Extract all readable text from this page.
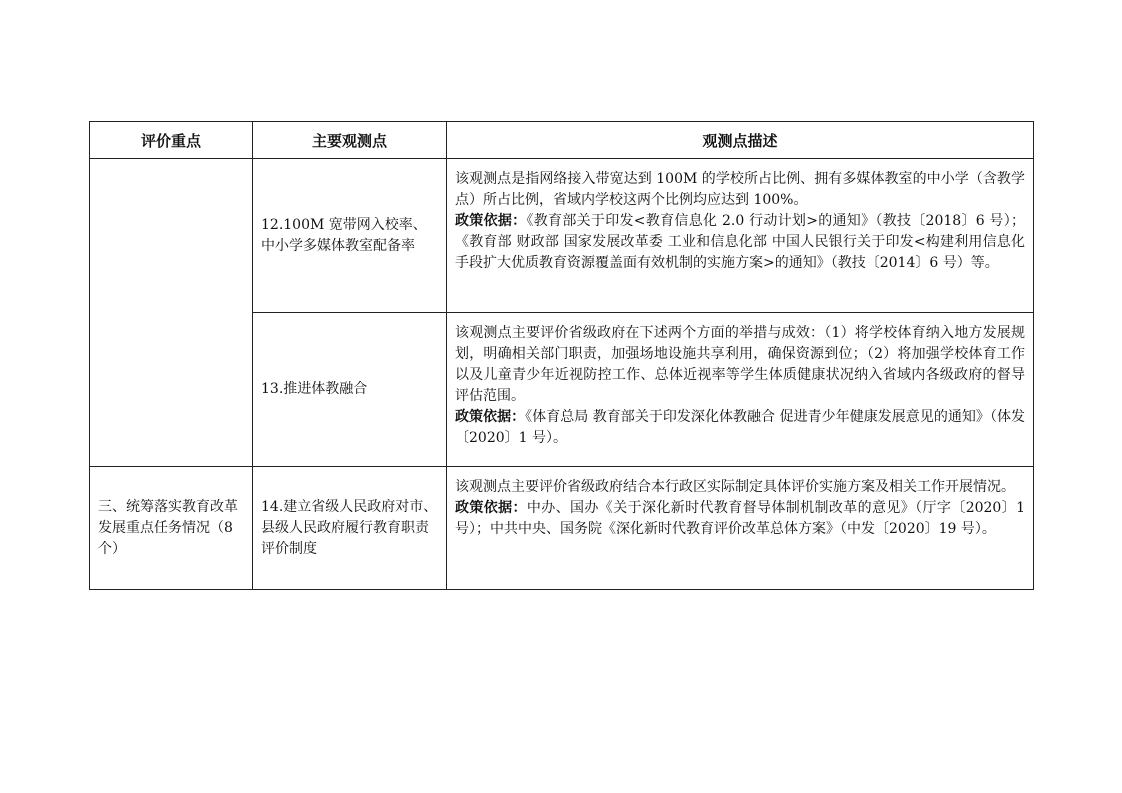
评价重点	主要观测点	观测点描述
	12.100M 宽带网入校率、中小学多媒体教室配备率	该观测点是指网络接入带宽达到 100M 的学校所占比例、拥有多媒体教室的中小学（含教学点）所占比例，省域内学校这两个比例均应达到 100%。

政策依据：《教育部关于印发<教育信息化 2.0 行动计划>的通知》（教技〔2018〕6 号）；《教育部 财政部 国家发展改革委 工业和信息化部 中国人民银行关于印发<构建利用信息化手段扩大优质教育资源覆盖面有效机制的实施方案>的通知》（教技〔2014〕6 号）等。

	13.推进体教融合	该观测点主要评价省级政府在下述两个方面的举措与成效：（1）将学校体育纳入地方发展规划，明确相关部门职责，加强场地设施共享利用，确保资源到位；（2）将加强学校体育工作以及儿童青少年近视防控工作、总体近视率等学生体质健康状况纳入省域内各级政府的督导评估范围。

政策依据：《体育总局 教育部关于印发深化体教融合 促进青少年健康发展意见的通知》（体发〔2020〕1 号）。

三、统筹落实教育改革发展重点任务情况（8 个）	14.建立省级人民政府对市、县级人民政府履行教育职责评价制度	该观测点主要评价省级政府结合本行政区实际制定具体评价实施方案及相关工作开展情况。

政策依据：中办、国办《关于深化新时代教育督导体制机制改革的意见》（厅字〔2020〕1 号）；中共中央、国务院《深化新时代教育评价改革总体方案》（中发〔2020〕19 号）。
